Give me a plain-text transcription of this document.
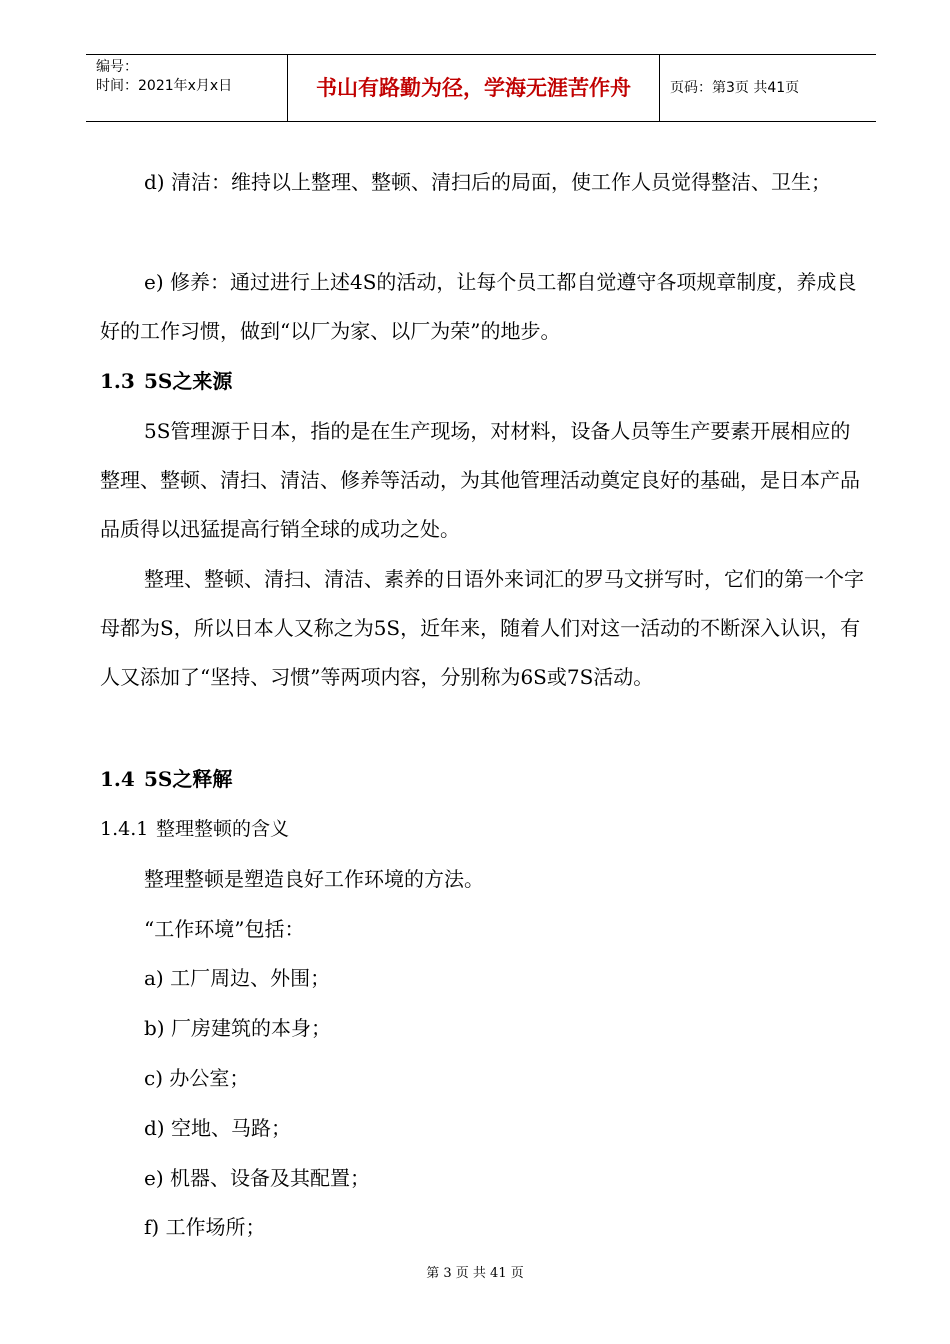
编号：
时间：2021年x月x日	书山有路勤为径，学海无涯苦作舟	页码：第3页 共41页
d) 清洁：维持以上整理、整顿、清扫后的局面，使工作人员觉得整洁、卫生；
e) 修养：通过进行上述4S的活动，让每个员工都自觉遵守各项规章制度，养成良好的工作习惯，做到“以厂为家、以厂为荣”的地步。
1.3 5S之来源
5S管理源于日本，指的是在生产现场，对材料，设备人员等生产要素开展相应的整理、整顿、清扫、清洁、修养等活动，为其他管理活动奠定良好的基础，是日本产品品质得以迅猛提高行销全球的成功之处。
整理、整顿、清扫、清洁、素养的日语外来词汇的罗马文拼写时，它们的第一个字母都为S，所以日本人又称之为5S，近年来，随着人们对这一活动的不断深入认识，有人又添加了“坚持、习惯”等两项内容，分别称为6S或7S活动。
1.4 5S之释解
1.4.1 整理整顿的含义
整理整顿是塑造良好工作环境的方法。
“工作环境”包括：
a) 工厂周边、外围；
b) 厂房建筑的本身；
c) 办公室；
d) 空地、马路；
e) 机器、设备及其配置；
f) 工作场所；
第 3 页 共 41 页
